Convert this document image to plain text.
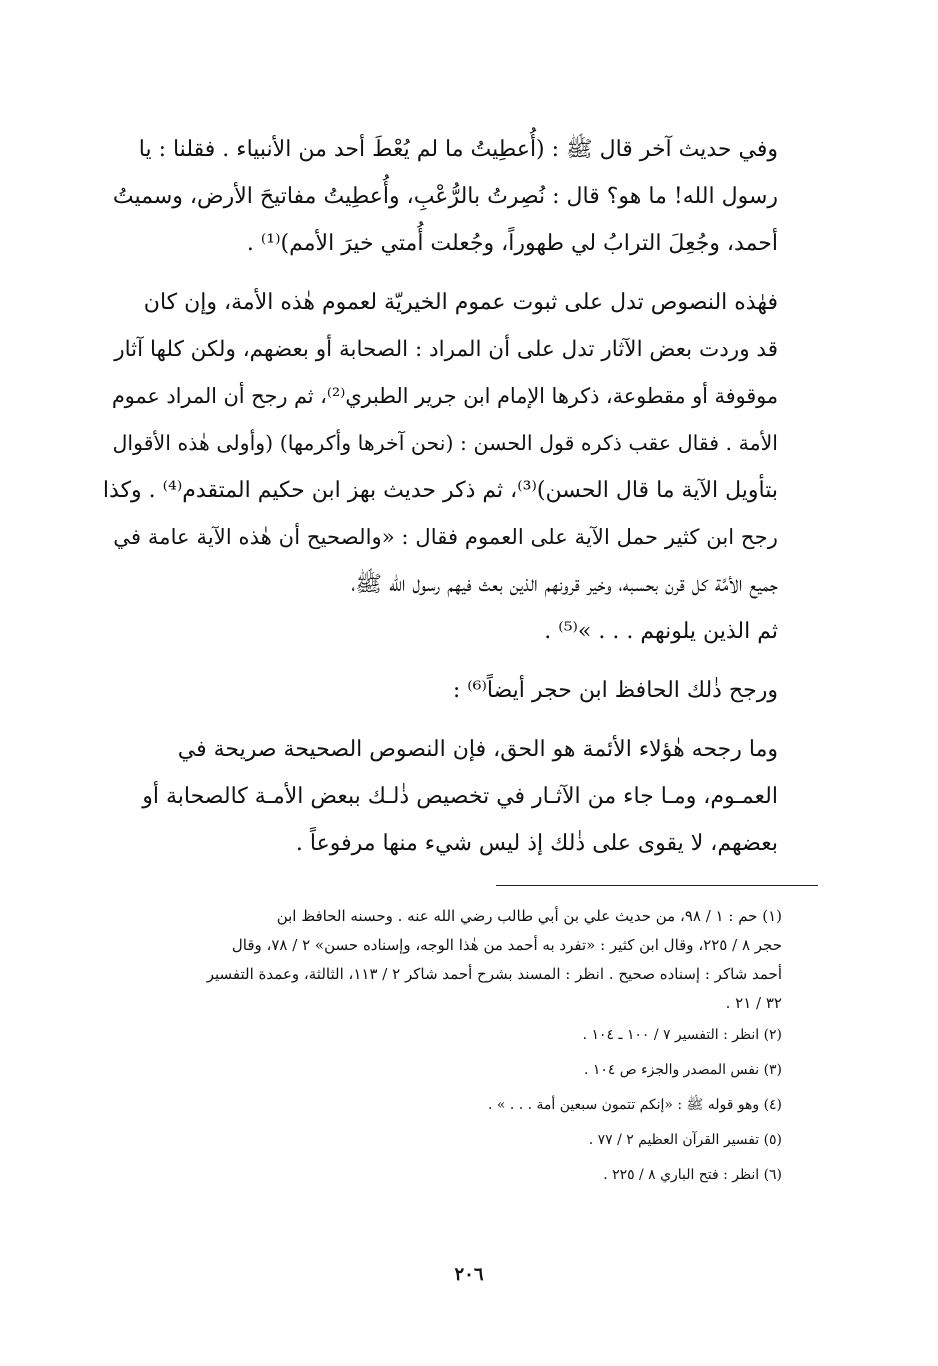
وفي حديث آخر قال ﷺ : (أُعطِيتُ ما لم يُعْطَ أحد من الأنبياء . فقلنا : يا
رسول الله! ما هو؟ قال : نُصِرتُ بالرُّعْبِ، وأُعطِيتُ مفاتيحَ الأرض، وسميتُ
أحمد، وجُعِلَ الترابُ لي طهوراً، وجُعلت أُمتي خيرَ الأمم)⁽¹⁾ .

فهٰذه النصوص تدل على ثبوت عموم الخيريّة لعموم هٰذه الأمة، وإن كان
قد وردت بعض الآثار تدل على أن المراد : الصحابة أو بعضهم، ولكن كلها آثار
موقوفة أو مقطوعة، ذكرها الإمام ابن جرير الطبري⁽²⁾، ثم رجح أن المراد عموم
الأمة . فقال عقب ذكره قول الحسن : (نحن آخرها وأكرمها) (وأولى هٰذه الأقوال
بتأويل الآية ما قال الحسن)⁽³⁾، ثم ذكر حديث بهز ابن حكيم المتقدم⁽⁴⁾ . وكذا
رجح ابن كثير حمل الآية على العموم فقال : «والصحيح أن هٰذه الآية عامة في
جميع الأمَّة كل قرن بحسبه، وخير قرونهم الذين بعث فيهم رسول الله ﷺ،
ثم الذين يلونهم . . . »⁽⁵⁾ .

ورجح ذٰلك الحافظ ابن حجر أيضاً⁽⁶⁾ :

وما رجحه هٰؤلاء الأئمة هو الحق، فإن النصوص الصحيحة صريحة في
العمـوم، ومـا جاء من الآثـار في تخصيص ذٰلـك ببعض الأمـة كالصحابة أو
بعضهم، لا يقوى على ذٰلك إذ ليس شيء منها مرفوعاً .

(١) حم : ١ / ٩٨، من حديث علي بن أبي طالب رضي الله عنه . وحسنه الحافظ ابن
حجر ٨ / ٢٢٥، وقال ابن كثير : «تفرد به أحمد من هٰذا الوجه، وإسناده حسن» ٢ / ٧٨، وقال
أحمد شاكر : إسناده صحيح . انظر : المسند بشرح أحمد شاكر ٢ / ١١٣، الثالثة، وعمدة التفسير
٣٢ / ٢١ .

(٢) انظر : التفسير ٧ / ١٠٠ ـ ١٠٤ .
(٣) نفس المصدر والجزء ص ١٠٤ .
(٤) وهو قوله ﷺ : «إنكم تتمون سبعين أمة . . . » .
(٥) تفسير القرآن العظيم ٢ / ٧٧ .
(٦) انظر : فتح الباري ٨ / ٢٢٥ .
٢٠٦
